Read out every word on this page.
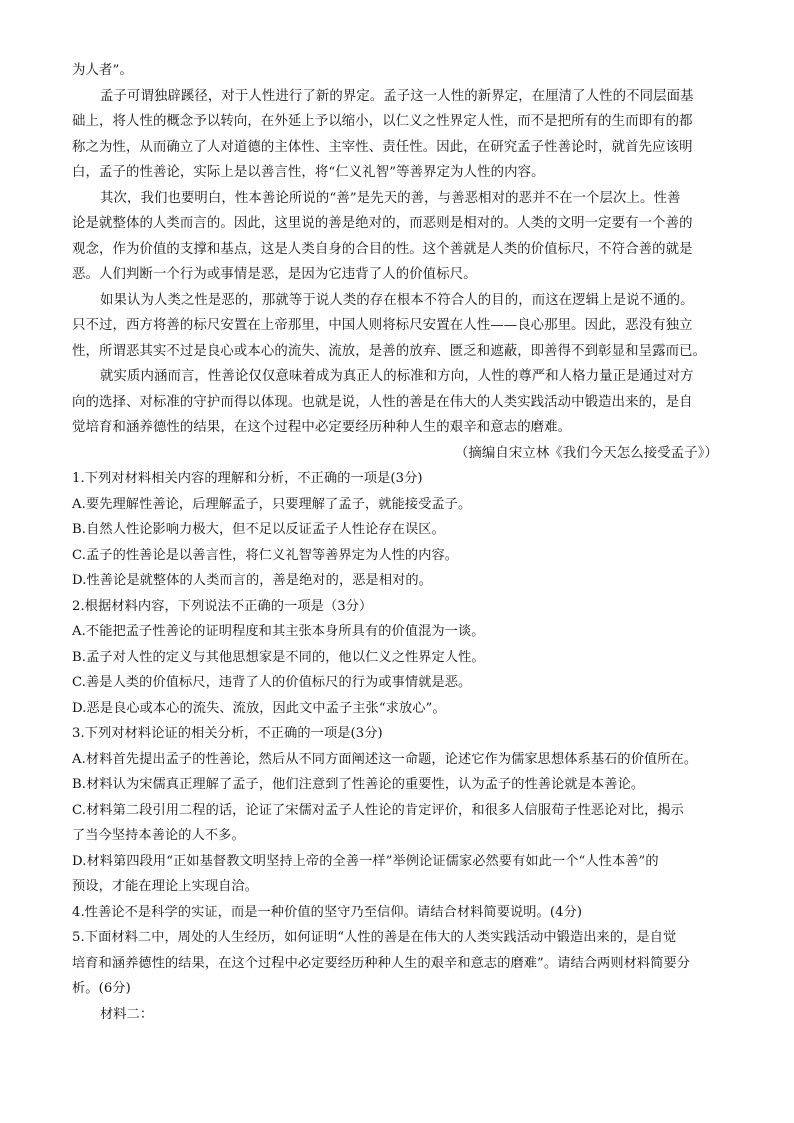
为人者”。
孟子可谓独辟蹊径，对于人性进行了新的界定。孟子这一人性的新界定，在厘清了人性的不同层面基
础上，将人性的概念予以转向，在外延上予以缩小，以仁义之性界定人性，而不是把所有的生而即有的都
称之为性，从而确立了人对道德的主体性、主宰性、责任性。因此，在研究孟子性善论时，就首先应该明
白，孟子的性善论，实际上是以善言性，将“仁义礼智”等善界定为人性的内容。
其次，我们也要明白，性本善论所说的“善”是先天的善，与善恶相对的恶并不在一个层次上。性善
论是就整体的人类而言的。因此，这里说的善是绝对的，而恶则是相对的。人类的文明一定要有一个善的
观念，作为价值的支撑和基点，这是人类自身的合目的性。这个善就是人类的价值标尺，不符合善的就是
恶。人们判断一个行为或事情是恶，是因为它违背了人的价值标尺。
如果认为人类之性是恶的，那就等于说人类的存在根本不符合人的目的，而这在逻辑上是说不通的。
只不过，西方将善的标尺安置在上帝那里，中国人则将标尺安置在人性——良心那里。因此，恶没有独立
性，所谓恶其实不过是良心或本心的流失、流放，是善的放弃、匮乏和遮蔽，即善得不到彰显和呈露而已。
就实质内涵而言，性善论仅仅意味着成为真正人的标准和方向，人性的尊严和人格力量正是通过对方
向的选择、对标准的守护而得以体现。也就是说，人性的善是在伟大的人类实践活动中锻造出来的，是自
觉培育和涵养德性的结果，在这个过程中必定要经历种种人生的艰辛和意志的磨难。
（摘编自宋立林《我们今天怎么接受孟子》）
1.下列对材料相关内容的理解和分析，不正确的一项是(3分)
A.要先理解性善论，后理解孟子，只要理解了孟子，就能接受孟子。
B.自然人性论影响力极大，但不足以反证孟子人性论存在误区。
C.孟子的性善论是以善言性，将仁义礼智等善界定为人性的内容。
D.性善论是就整体的人类而言的，善是绝对的，恶是相对的。
2.根据材料内容，下列说法不正确的一项是（3分）
A.不能把孟子性善论的证明程度和其主张本身所具有的价值混为一谈。
B.孟子对人性的定义与其他思想家是不同的，他以仁义之性界定人性。
C.善是人类的价值标尺，违背了人的价值标尺的行为或事情就是恶。
D.恶是良心或本心的流失、流放，因此文中孟子主张“求放心”。
3.下列对材料论证的相关分析，不正确的一项是(3分)
A.材料首先提出孟子的性善论，然后从不同方面阐述这一命题，论述它作为儒家思想体系基石的价值所在。
B.材料认为宋儒真正理解了孟子，他们注意到了性善论的重要性，认为孟子的性善论就是本善论。
C.材料第二段引用二程的话，论证了宋儒对孟子人性论的肯定评价，和很多人信服荀子性恶论对比，揭示
了当今坚持本善论的人不多。
D.材料第四段用“正如基督教文明坚持上帝的全善一样”举例论证儒家必然要有如此一个“人性本善”的
预设，才能在理论上实现自洽。
4.性善论不是科学的实证，而是一种价值的坚守乃至信仰。请结合材料简要说明。(4分)
5.下面材料二中，周处的人生经历，如何证明“人性的善是在伟大的人类实践活动中锻造出来的，是自觉
培育和涵养德性的结果，在这个过程中必定要经历种种人生的艰辛和意志的磨难”。请结合两则材料简要分
析。(6分)
材料二：
